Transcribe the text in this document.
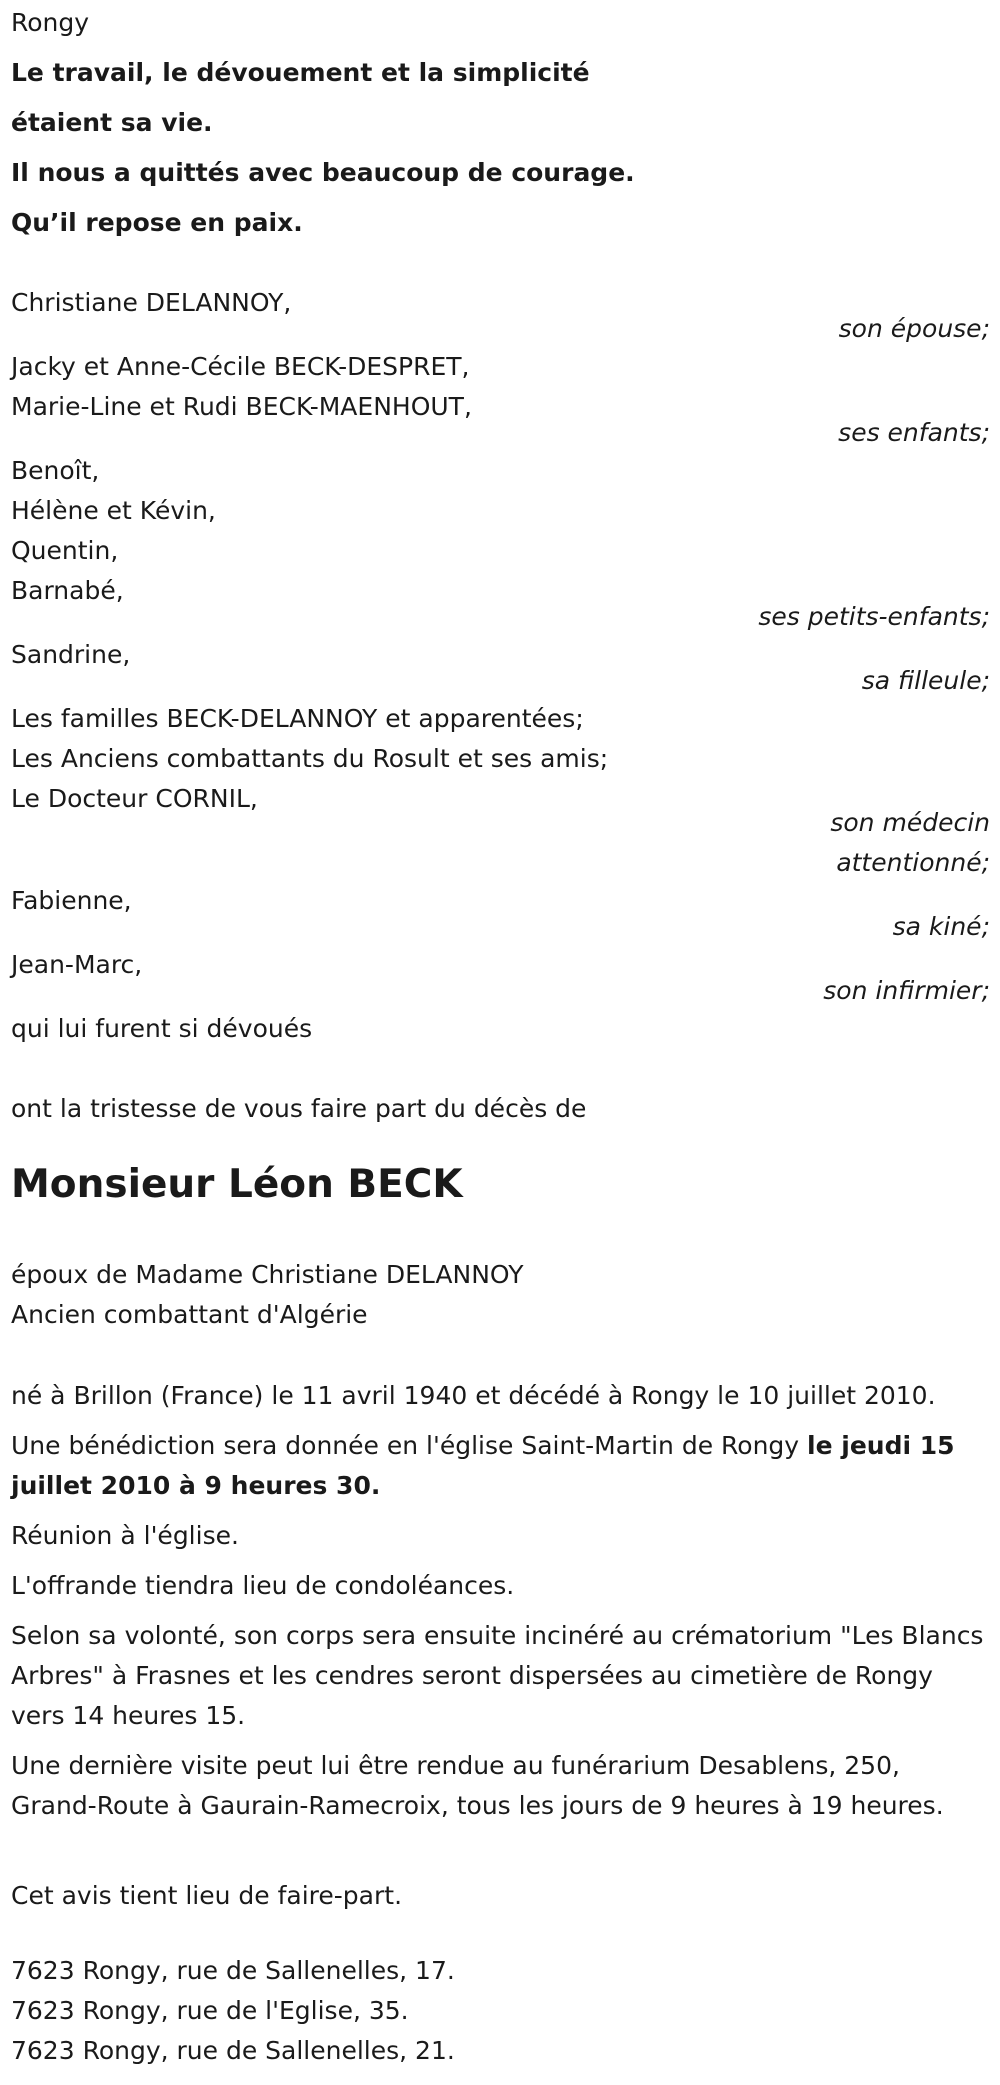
Rongy
Le travail, le dévouement et la simplicité
étaient sa vie.
Il nous a quittés avec beaucoup de courage.
Qu’il repose en paix.
Christiane DELANNOY,
son épouse;
Jacky et Anne-Cécile BECK-DESPRET,
Marie-Line et Rudi BECK-MAENHOUT,
ses enfants;
Benoît,
Hélène et Kévin,
Quentin,
Barnabé,
ses petits-enfants;
Sandrine,
sa filleule;
Les familles BECK-DELANNOY et apparentées;
Les Anciens combattants du Rosult et ses amis;
Le Docteur CORNIL,
son médecin
attentionné;
Fabienne,
sa kiné;
Jean-Marc,
son infirmier;
qui lui furent si dévoués
ont la tristesse de vous faire part du décès de
Monsieur Léon BECK
époux de Madame Christiane DELANNOY
Ancien combattant d'Algérie
né à Brillon (France) le 11 avril 1940 et décédé à Rongy le 10 juillet 2010.
Une bénédiction sera donnée en l'église Saint-Martin de Rongy le jeudi 15 juillet 2010 à 9 heures 30.
Réunion à l'église.
L'offrande tiendra lieu de condoléances.
Selon sa volonté, son corps sera ensuite incinéré au crématorium "Les Blancs Arbres" à Frasnes et les cendres seront dispersées au cimetière de Rongy vers 14 heures 15.
Une dernière visite peut lui être rendue au funérarium Desablens, 250, Grand-Route à Gaurain-Ramecroix, tous les jours de 9 heures à 19 heures.
Cet avis tient lieu de faire-part.
7623 Rongy, rue de Sallenelles, 17.
7623 Rongy, rue de l'Eglise, 35.
7623 Rongy, rue de Sallenelles, 21.
